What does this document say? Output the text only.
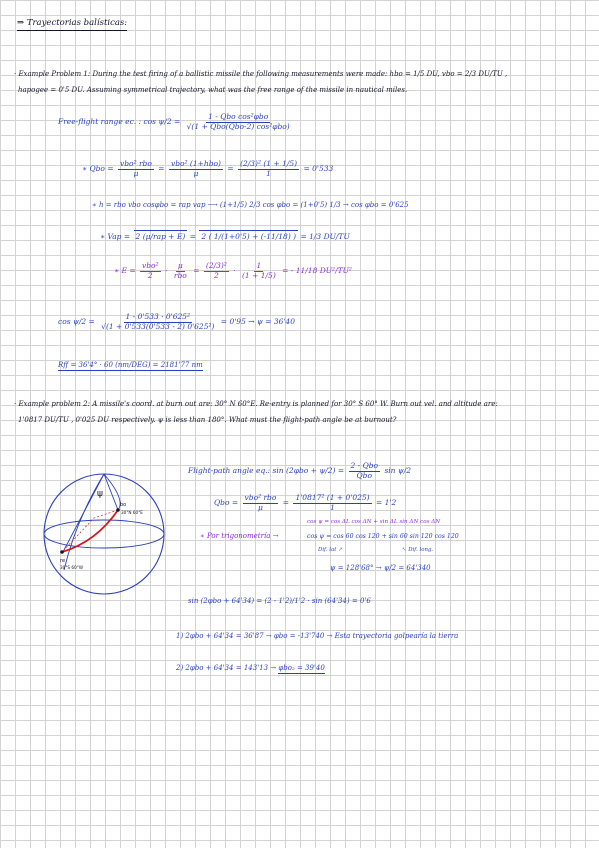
⇒ Trayectorias balísticas:
· Example Problem 1: During the test firing of a ballistic missile the following measurements were made: hbo = 1/5 DU, vbo = 2/3 DU/TU ,
hapogee = 0'5 DU. Assuming symmetrical trajectory, what was the free range of the missile in nautical miles.
Free-flight range ec. : $\cos \psi/2 = \frac{\text{1 - Qbo cos²φbo}}{\text{√(1 + Qbo(Qbo-2) cos²φbo)}}$
∗ Qbo = $\frac{\text{vbo² rbo}}{\mu} = \frac{\text{vbo² (1+hbo)}}{\mu} = \frac{\text{(2/3)² (1 + 1/5)}}{1} = 0'533$
∗ h = rbo vbo cosφbo = rap vap ⟶ (1+1/5) 2/3 cos φbo = (1+0'5) 1/3 → cos φbo = 0'625
∗ Vap = 2 (μ/rap + E) = 2 ( 1/(1+0'5) + (-11/18) ) = 1/3 DU/TU
∗ $E = \frac{\text{vbo²}}{2} - \frac{\mu}{\text{rbo}} = \frac{\text{(2/3)²}}{2} \cdot \frac{1}{(1 + 1/5)}$ = - 11/18 DU²/TU²
$\cos \psi/2 = \frac{\text{1 - 0'533 · 0'625²}}{\text{√(1 + 0'533(0'533 - 2) 0'625²)}} = 0'95 \to \psi = 36'40$
Rff = 36'4° · 60 (nm/DEG) = 2181'77 nm
· Example problem 2: A missile's coord. at burn out are: 30° N 60°E. Re-entry is planned for 30° S 60° W. Burn out vel. and altitude are:
1'0817 DU/TU , 0'025 DU respectively. ψ is less than 180°. What must the flight-path angle be at burnout?
ψ
bo
30°N 60°E
re
30°S 60°W
Flight-path angle eq.: $\sin (2\varphi bo + \psi/2) = \frac{\text{2 - Qbo}}{\text{Qbo}}$ sin ψ/2
Qbo = $\frac{\text{vbo² rbo}}{\mu} = \frac{\text{1'0817² (1 + 0'025)}}{1} = 1'2$
∗ Por trigonometría →
cos ψ = cos ΔL cos ΔN + sin ΔL sin ΔN cos ΔN
cos ψ = cos 60 cos 120 + sin 60 sin 120 cos 120
Dif. lat ↗	↖ Dif. long.
ψ = 128'68° → ψ/2 = 64'340
sin (2φbo + 64'34) = (2 - 1'2)/1'2 · sin (64'34) = 0'6
1) 2φbo + 64'34 = 36'87 → φbo = -13'740 → Esta trayectoria golpearía la tierra
2) 2φbo + 64'34 = 143'13 → φbo₂ = 39'40
